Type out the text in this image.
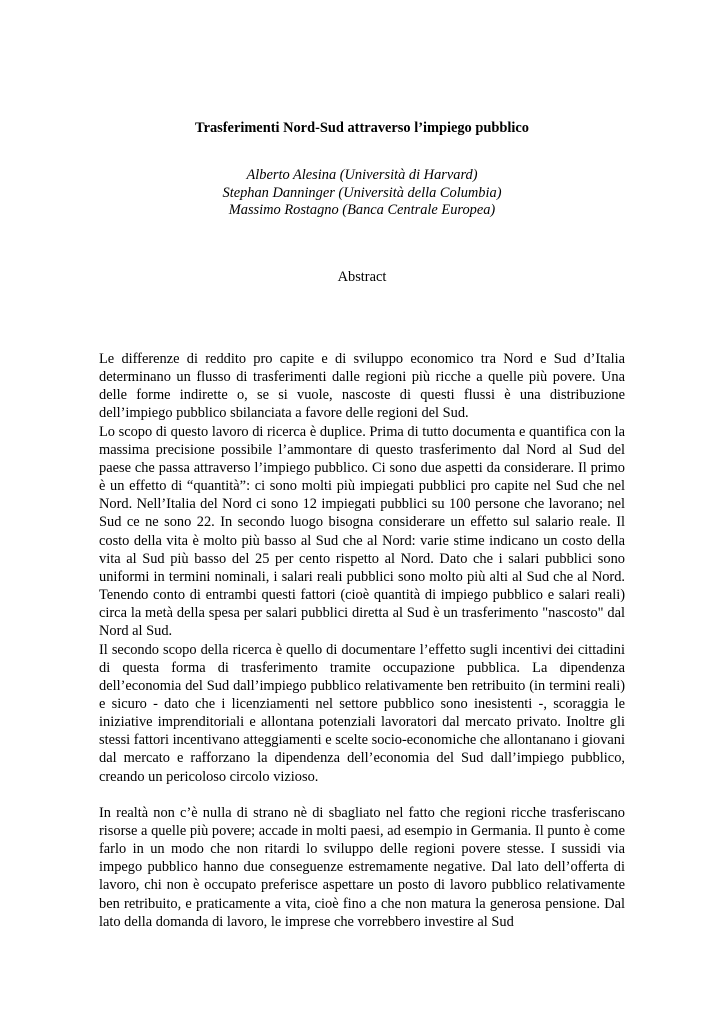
Trasferimenti Nord-Sud attraverso l’impiego pubblico
Alberto Alesina (Università di Harvard)
Stephan Danninger (Università della Columbia)
Massimo Rostagno (Banca Centrale Europea)
Abstract

Le differenze di reddito pro capite e di sviluppo economico tra Nord e Sud d’Italia determinano un flusso di trasferimenti dalle regioni più ricche a quelle più povere. Una delle forme indirette o, se si vuole, nascoste di questi flussi è una distribuzione dell’impiego pubblico sbilanciata a favore delle regioni del Sud.

Lo scopo di questo lavoro di ricerca è duplice. Prima di tutto documenta e quantifica con la massima precisione possibile l’ammontare di questo trasferimento dal Nord al Sud del paese che passa attraverso l’impiego pubblico. Ci sono due aspetti da considerare. Il primo è un effetto di “quantità”: ci sono molti più impiegati pubblici pro capite nel Sud che nel Nord. Nell’Italia del Nord ci sono 12 impiegati pubblici su 100 persone che lavorano; nel Sud ce ne sono 22. In secondo luogo bisogna considerare un effetto sul salario reale. Il costo della vita è molto più basso al Sud che al Nord: varie stime indicano un costo della vita al Sud più basso del 25 per cento rispetto al Nord. Dato che i salari pubblici sono uniformi in termini nominali, i salari reali pubblici sono molto più alti al Sud che al Nord. Tenendo conto di entrambi questi fattori (cioè quantità di impiego pubblico e salari reali) circa la metà della spesa per salari pubblici diretta al Sud è un trasferimento "nascosto" dal Nord al Sud.

Il secondo scopo della ricerca è quello di documentare l’effetto sugli incentivi dei cittadini di questa forma di trasferimento tramite occupazione pubblica. La dipendenza dell’economia del Sud dall’impiego pubblico relativamente ben retribuito (in termini reali) e sicuro - dato che i licenziamenti nel settore pubblico sono inesistenti -, scoraggia le iniziative imprenditoriali e allontana potenziali lavoratori dal mercato privato. Inoltre gli stessi fattori incentivano atteggiamenti e scelte socio-economiche che allontanano i giovani dal mercato e rafforzano la dipendenza dell’economia del Sud dall’impiego pubblico, creando un pericoloso circolo vizioso.

In realtà non c’è nulla di strano nè di sbagliato nel fatto che regioni ricche trasferiscano risorse a quelle più povere; accade in molti paesi, ad esempio in Germania. Il punto è come farlo in un modo che non ritardi lo sviluppo delle regioni povere stesse. I sussidi via impego pubblico hanno due conseguenze estremamente negative. Dal lato dell’offerta di lavoro, chi non è occupato preferisce aspettare un posto di lavoro pubblico relativamente ben retribuito, e praticamente a vita, cioè fino a che non matura la generosa pensione. Dal lato della domanda di lavoro, le imprese che vorrebbero investire al Sud
